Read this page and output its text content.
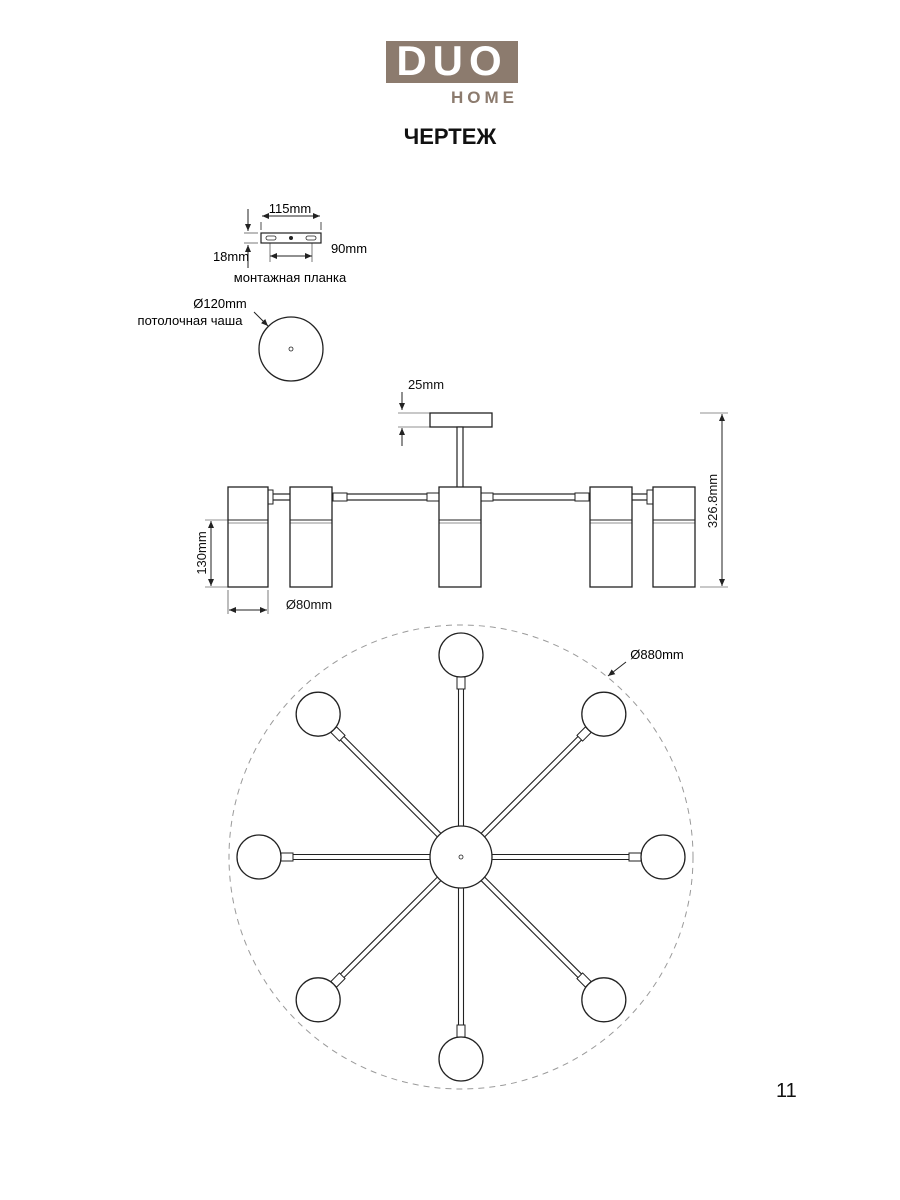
DUO
HOME
ЧЕРТЕЖ
115mm
18mm
90mm
монтажная планка
Ø120mm
потолочная чаша
25mm
326.8mm
130mm
Ø80mm
Ø880mm
11
